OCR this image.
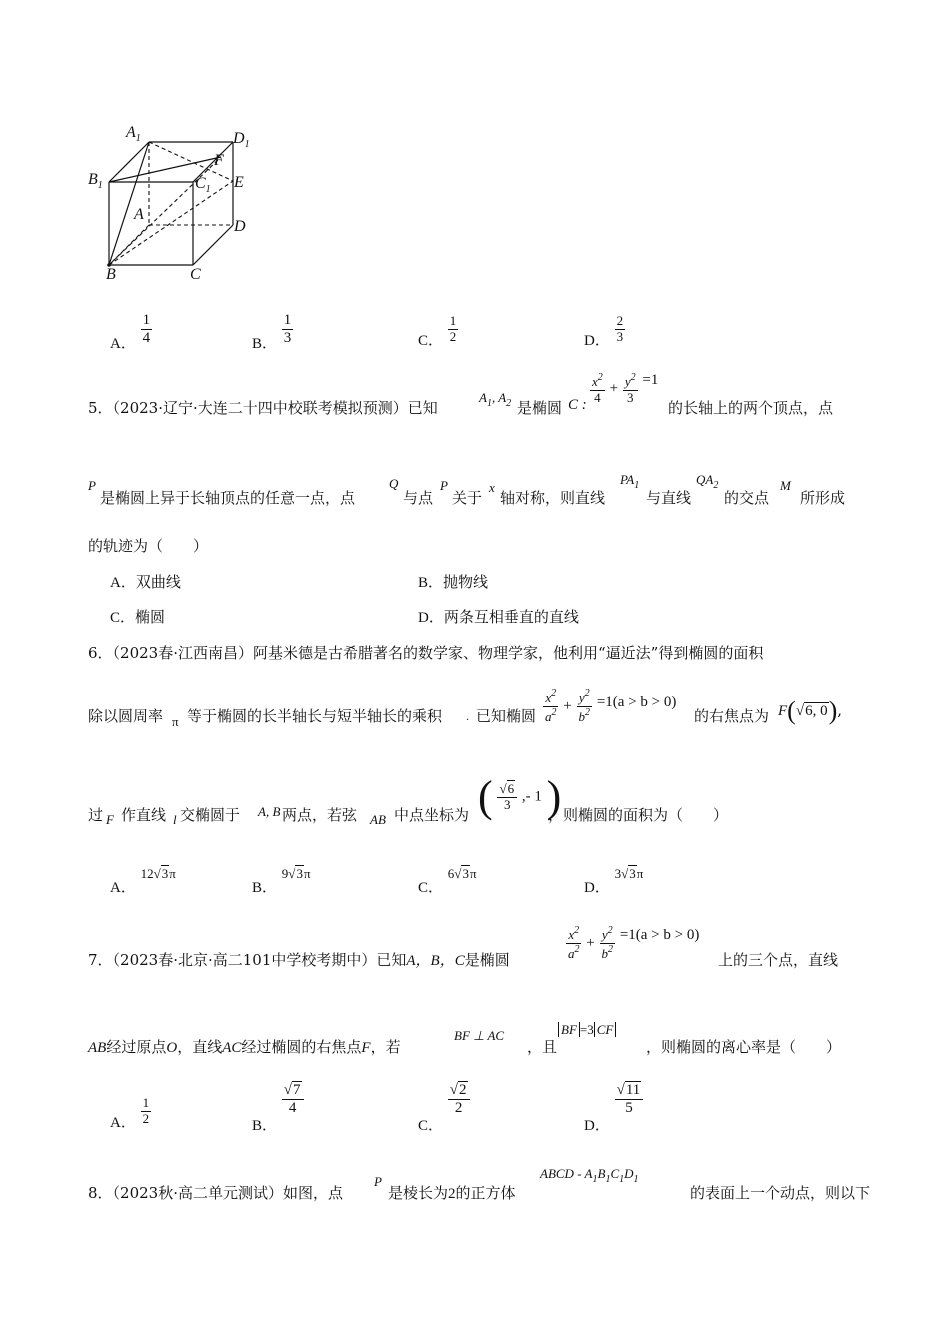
$A_1$	$D_1$
$B_1$	$C_1$
F
E
A
D
B	C
A． $\frac{1}{4}$	B． $\frac{1}{3}$	C． $\frac{1}{2}$	D． $\frac{2}{3}$
5．（2023·辽宁·大连二十四中校联考模拟预测）已知
$A_1$, $A_2$ 是椭圆 C : $\frac{x^2}{4} + \frac{y^2}{3} =1$
的长轴上的两个顶点，点
P
是椭圆上异于长轴顶点的任意一点，点
Q
与点
P
关于
x
轴对称，则直线
$PA_1$
与直线
$QA_2$
的交点
M
所形成
的轨迹为（　　）
A．双曲线	B．抛物线
C．椭圆	D．两条互相垂直的直线
6．（2023春·江西南昌）阿基米德是古希腊著名的数学家、物理学家，他利用“逼近法”得到椭圆的面积
除以圆周率 π 等于椭圆的长半轴长与短半轴长的乘积 . 已知椭圆 $\frac{x^2}{a^2} + \frac{y^2}{b^2} =1(a > b > 0)$
的右焦点为 F(√6, 0),
过 F 作直线 l 交椭圆于 A, B 两点，若弦 AB 中点坐标为 ( $\frac{√6}{3}$ ,- 1 )
，则椭圆的面积为（　　）
A． 12√3π
B． 9√3π
C． 6√3π
D． 3√3π
7．（2023春·北京·高二101中学校考期中）已知A，B，C是椭圆	$\frac{x^2}{a^2} + \frac{y^2}{b^2} =1(a > b > 0)$
上的三个点，直线
AB经过原点O，直线AC经过椭圆的右焦点F，若
BF ⊥ AC
，且
BF =3 CF
，则椭圆的离心率是（　　）
A． $\frac{1}{2}$	B．
$\frac{√7}{4}$
C．
$\frac{√2}{2}$
D．
$\frac{√11}{5}$
8．（2023秋·高二单元测试）如图，点
P
是棱长为2的正方体
ABCD - $A_1B_1C_1D_1$
的表面上一个动点，则以下
